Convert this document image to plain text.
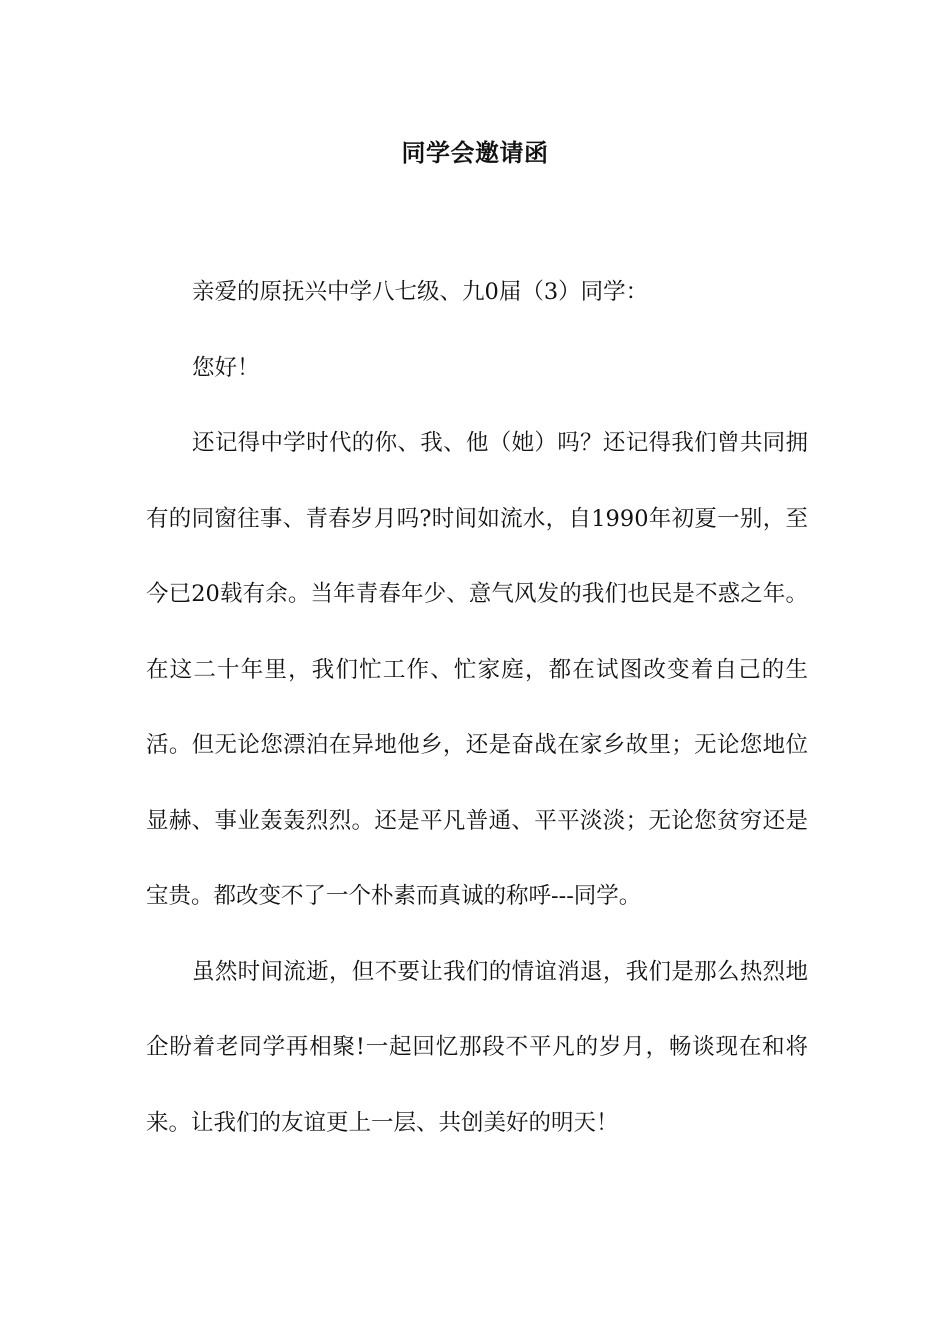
同学会邀请函

亲爱的原抚兴中学八七级、九0届（3）同学：

您好！

还记得中学时代的你、我、他（她）吗？还记得我们曾共同拥有的同窗往事、青春岁月吗?时间如流水，自1990年初夏一别，至今已20载有余。当年青春年少、意气风发的我们也民是不惑之年。在这二十年里，我们忙工作、忙家庭，都在试图改变着自己的生活。但无论您漂泊在异地他乡，还是奋战在家乡故里；无论您地位显赫、事业轰轰烈烈。还是平凡普通、平平淡淡；无论您贫穷还是宝贵。都改变不了一个朴素而真诚的称呼---同学。

虽然时间流逝，但不要让我们的情谊消退，我们是那么热烈地企盼着老同学再相聚!一起回忆那段不平凡的岁月，畅谈现在和将来。让我们的友谊更上一层、共创美好的明天！
